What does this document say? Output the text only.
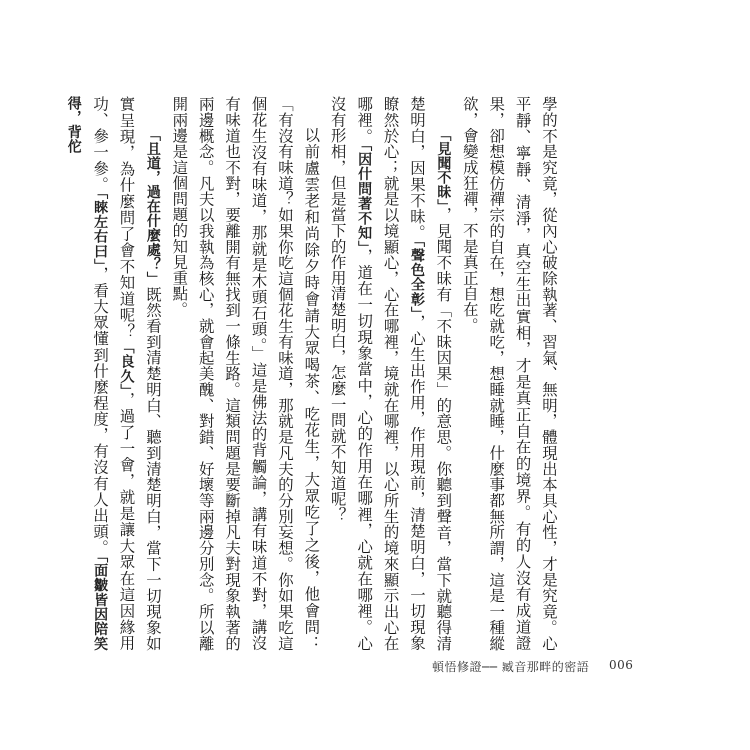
學的不是究竟，從內心破除執著、習氣、無明，體現出本具心性，才是究竟。心平靜、寧靜、清淨，真空生出實相，才是真正自在的境界。有的人沒有成道證果，卻想模仿禪宗的自在，想吃就吃，想睡就睡，什麼事都無所謂，這是一種縱欲，會變成狂禪，不是真正自在。

「見聞不昧」，見聞不昧有「不昧因果」的意思。你聽到聲音，當下就聽得清楚明白，因果不昧。「聲色全彰」，心生出作用，作用現前，清楚明白，一切現象瞭然於心；就是以境顯心，心在哪裡，境就在哪裡，以心所生的境來顯示出心在哪裡。「因什問著不知」，道在一切現象當中，心的作用在哪裡，心就在哪裡。心沒有形相，但是當下的作用清楚明白，怎麼一問就不知道呢？

以前盧雲老和尚除夕時會請大眾喝茶、吃花生，大眾吃了之後，他會問：「有沒有味道？如果你吃這個花生有味道，那就是凡夫的分別妄想。你如果吃這個花生沒有味道，那就是木頭石頭。」這是佛法的背觸論，講有味道不對，講沒有味道也不對，要離開有無找到一條生路。這類問題是要斷掉凡夫對現象執著的兩邊概念。凡夫以我執為核心，就會起美醜、對錯、好壞等兩邊分別念。所以離開兩邊是這個問題的知見重點。

「且道，過在什麼處？」既然看到清楚明白、聽到清楚明白，當下一切現象如實呈現，為什麼問了會不知道呢？「良久」，過了一會，就是讓大眾在這因緣用功、參一參。「睞左右曰」，看大眾懂到什麼程度，有沒有人出頭。「面皺皆因陪笑得，背佗

頓悟修證── 臧音那畔的密語 006
